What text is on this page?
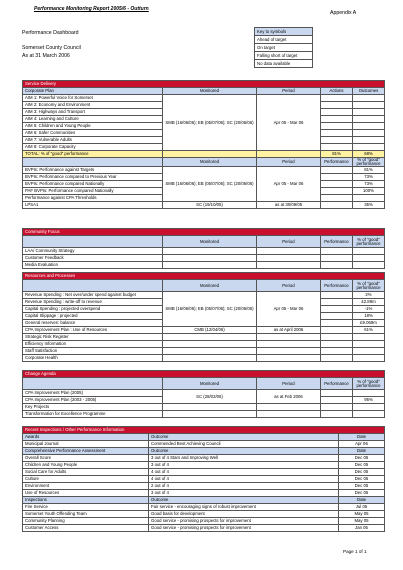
Performance Monitoring Report 2005/6 - Outturn
Appendix A
Performance Dashboard
Somerset County Council
As at 31 March 2006
Key to symbols	
Ahead of target	
On target	
Falling short of target	
No data available	
Service Delivery				
Corporate Plan	Monitored	Period	Actions	Outcomes
AIM 1: Powerful Voice for Somerset	SMB (16/06/06); EB (05/07/06); SC (20/06/06)	Apr 05 - Mar 06		
AIM 2: Economy and Environment				
AIM 3: Highways and Transport				
AIM 4: Learning and Culture				
AIM 5: Children and Young People				
AIM 6: Safer Communities				
AIM 7: Vulnerable Adults				
AIM 8: Corporate Capacity				
TOTAL: % of "good" performance			81%	68%
	Monitored	Period	Performance	% of "good" performance
BVPIs: Performance against Targets	SMB (16/06/06); EB (05/07/06); SC (20/06/06)	Apr 05 - Mar 06		81%
BVPIs: Performance compared to Previous Year				73%
BVPIs: Performance compared Nationally				73%
PAF BVPIs: Performance compared Nationally				100%
Performance against CPA Thresholds				
LPSA1	SC (19/10/05)	as at 30/09/05		35%
Community Focus				
	Monitored	Period	Performance	% of "good" performance
LAA/ Community Strategy				
Customer Feedback				
Media Evaluation				
Resources and Processes				
	Monitored	Period	Performance	% of "good" performance
Revenue Spending : Net over/under spend against budget	SMB (16/06/06); EB (05/07/06); SC (20/06/06)	Apr 05 - Mar 06		2%
Revenue Spending : write-off to revenue				£2.89m
Capital Spending : projected overspend				-1%
Capital Slippage : projected				18%
General reserves: balance				£9.069m
CPA Improvement Plan : Use of Resources	CMB (12/04/06)	as at April 2006		61%
Strategic Risk Register				
Efficiency Information				
Staff Satisfaction				
Corporate Health				
Change Agenda				
	Monitored	Period	Performance	% of "good" performance
CPA Improvement Plan (2005)	SC (28/02/06)	as at Feb 2006		
CPA Improvement Plan (2003 - 2005)				95%
Key Projects				
Transformation for Excellence Programme				
Recent Inspections / Other Performance Information		
Awards	Outcome	Date
Municipal Journal	Commended Best Achieving Council	Apr 06
Comprehensive Performance Assessment	Outcome	Date
Overall Score	3 out of 4 Stars and Improving Well	Dec 05
Children and Young People	3 out of 4	Dec 05
Social Care for Adults	4 out of 4	Dec 05
Culture	4 out of 4	Dec 05
Environment	2 out of 4	Dec 05
Use of Resources	3 out of 4	Dec 05
Inspections	Outcome	Date
Fire Service	Fair service - encouraging signs of robust improvement	Jul 05
Somerset Youth Offending Team	Good basis for development	May 05
Community Planning	Good service - promising prospects for improvement	May 05
Customer Access	Good service - promising prospects for improvement	Jan 05
Page 1 of 1
